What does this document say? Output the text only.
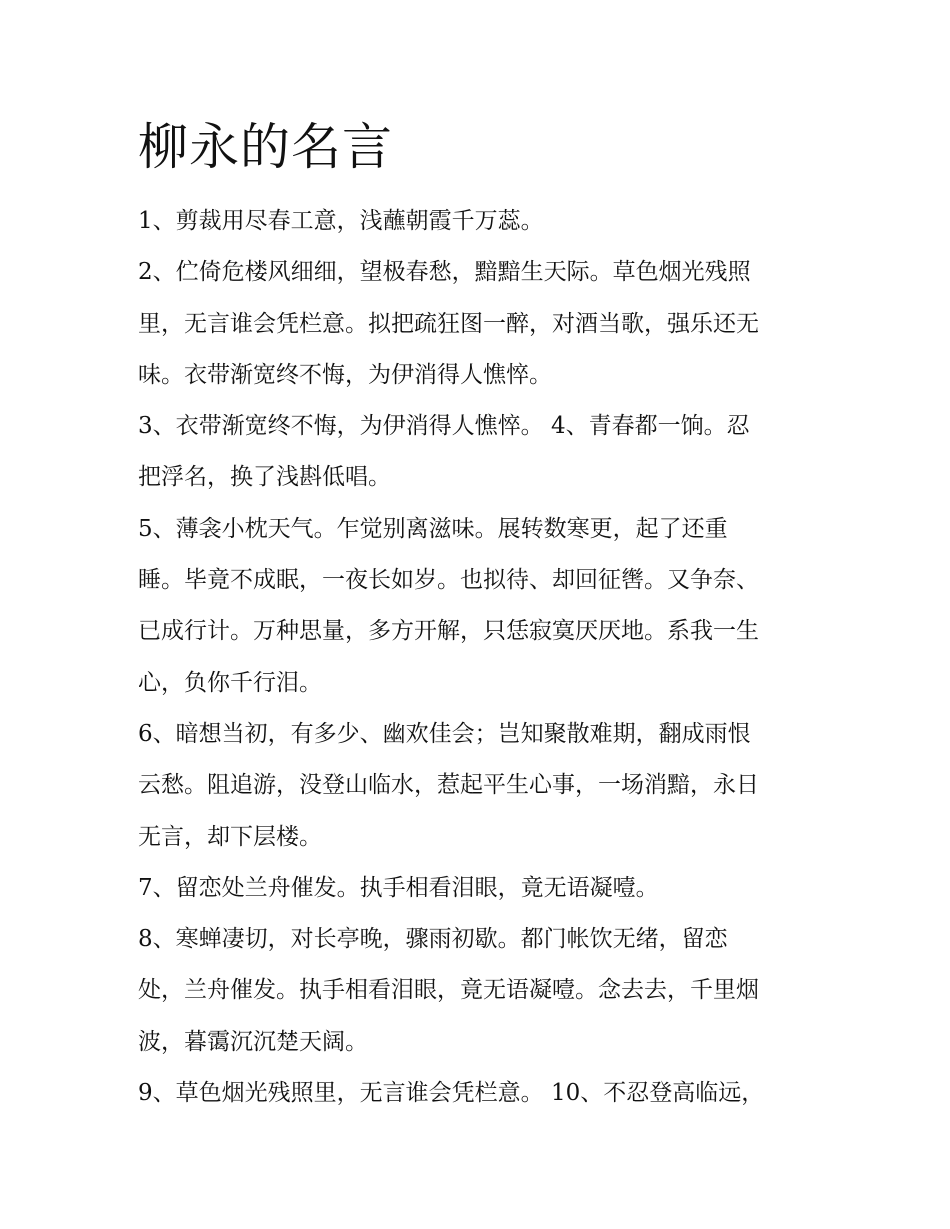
柳永的名言

1、剪裁用尽春工意，浅蘸朝霞千万蕊。

2、伫倚危楼风细细，望极春愁，黯黯生天际。草色烟光残照
里，无言谁会凭栏意。拟把疏狂图一醉，对酒当歌，强乐还无
味。衣带渐宽终不悔，为伊消得人憔悴。

3、衣带渐宽终不悔，为伊消得人憔悴。 4、青春都一饷。忍
把浮名，换了浅斟低唱。

5、薄衾小枕天气。乍觉别离滋味。展转数寒更，起了还重
睡。毕竟不成眠，一夜长如岁。也拟待、却回征辔。又争奈、
已成行计。万种思量，多方开解，只恁寂寞厌厌地。系我一生
心，负你千行泪。

6、暗想当初，有多少、幽欢佳会；岂知聚散难期，翻成雨恨
云愁。阻追游，没登山临水，惹起平生心事，一场消黯，永日
无言，却下层楼。

7、留恋处兰舟催发。执手相看泪眼，竟无语凝噎。

8、寒蝉凄切，对长亭晚，骤雨初歇。都门帐饮无绪，留恋
处，兰舟催发。执手相看泪眼，竟无语凝噎。念去去，千里烟
波，暮霭沉沉楚天阔。

9、草色烟光残照里，无言谁会凭栏意。 10、不忍登高临远，
